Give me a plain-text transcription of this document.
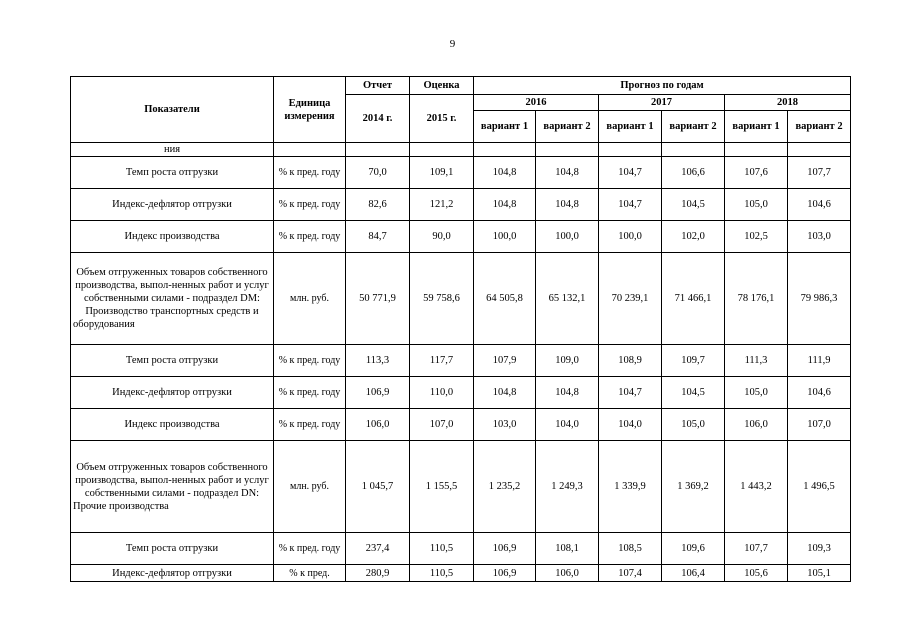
9
Показатели	Единица измерения	Отчет	Оценка	Прогноз по годам					
		2014 г.	2015 г.	2016		2017		2018	
				вариант 1	вариант 2	вариант 1	вариант 2	вариант 1	вариант 2
ния									
Темп роста отгрузки	% к пред. году	70,0	109,1	104,8	104,8	104,7	106,6	107,6	107,7
Индекс-дефлятор отгрузки	% к пред. году	82,6	121,2	104,8	104,8	104,7	104,5	105,0	104,6
Индекс производства	% к пред. году	84,7	90,0	100,0	100,0	100,0	102,0	102,5	103,0
Объем отгруженных товаров собственного производства, выпол-ненных работ и услуг собственными силами - подраздел DM: Производство транспортных средств и оборудования	млн. руб.	50 771,9	59 758,6	64 505,8	65 132,1	70 239,1	71 466,1	78 176,1	79 986,3
Темп роста отгрузки	% к пред. году	113,3	117,7	107,9	109,0	108,9	109,7	111,3	111,9
Индекс-дефлятор отгрузки	% к пред. году	106,9	110,0	104,8	104,8	104,7	104,5	105,0	104,6
Индекс производства	% к пред. году	106,0	107,0	103,0	104,0	104,0	105,0	106,0	107,0
Объем отгруженных товаров собственного производства, выпол-ненных работ и услуг собственными силами - подраздел DN: Прочие производства	млн. руб.	1 045,7	1 155,5	1 235,2	1 249,3	1 339,9	1 369,2	1 443,2	1 496,5
Темп роста отгрузки	% к пред. году	237,4	110,5	106,9	108,1	108,5	109,6	107,7	109,3
Индекс-дефлятор отгрузки	% к пред.	280,9	110,5	106,9	106,0	107,4	106,4	105,6	105,1
